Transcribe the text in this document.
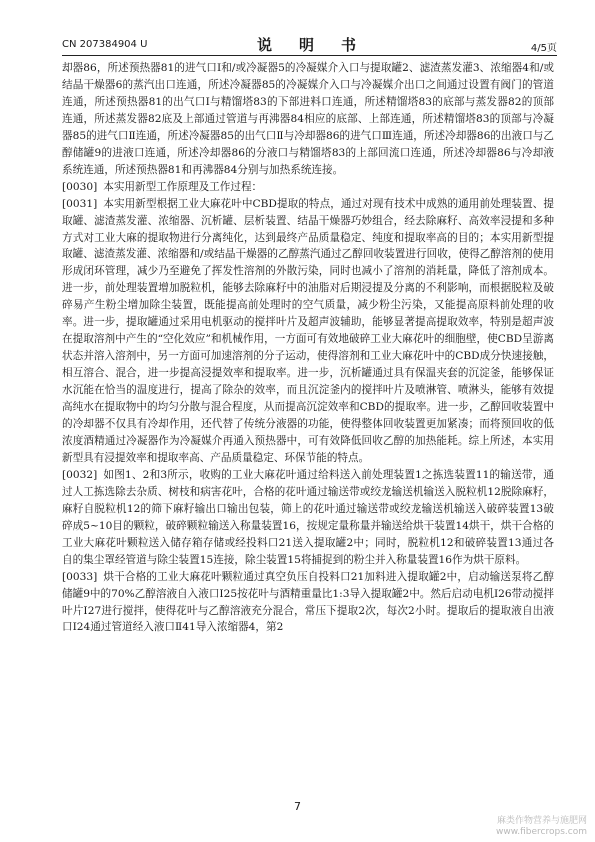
CN 207384904 U	说　明　书	4/5页

却器86，所述预热器81的进气口Ⅰ和/或冷凝器5的冷凝媒介入口与提取罐2、滤渣蒸发灌3、浓缩器4和/或结晶干燥器6的蒸汽出口连通，所述冷凝器85的冷凝媒介入口与冷凝媒介出口之间通过设置有阀门的管道连通，所述预热器81的出气口Ⅰ与精馏塔83的下部进料口连通，所述精馏塔83的底部与蒸发器82的顶部连通，所述蒸发器82底及上部通过管道与再沸器84相应的底部、上部连通，所述精馏塔83的顶部与冷凝器85的进气口Ⅱ连通，所述冷凝器85的出气口Ⅱ与冷却器86的进气口Ⅲ连通，所述冷却器86的出液口与乙醇储罐9的进液口连通，所述冷却器86的分液口与精馏塔83的上部回流口连通，所述冷却器86与冷却液系统连通，所述预热器81和再沸器84分别与加热系统连接。

[0030] 本实用新型工作原理及工作过程：

[0031] 本实用新型根据工业大麻花叶中CBD提取的特点，通过对现有技术中成熟的通用前处理装置、提取罐、滤渣蒸发灌、浓缩器、沉析罐、层析装置、结晶干燥器巧妙组合，经去除麻籽、高效率浸提和多种方式对工业大麻的提取物进行分离纯化，达到最终产品质量稳定、纯度和提取率高的目的；本实用新型提取罐、滤渣蒸发灌、浓缩器和/或结晶干燥器的乙醇蒸汽通过乙醇回收装置进行回收，使得乙醇溶剂的使用形成闭环管理，减少乃至避免了挥发性溶剂的外散污染，同时也减小了溶剂的消耗量，降低了溶剂成本。进一步，前处理装置增加脱粒机，能够去除麻籽中的油脂对后期浸提及分离的不利影响，而根据脱粒及破碎易产生粉尘增加除尘装置，既能提高前处理时的空气质量，减少粉尘污染，又能提高原料前处理的收率。进一步，提取罐通过采用电机驱动的搅拌叶片及超声波辅助，能够显著提高提取效率，特别是超声波在提取溶剂中产生的“空化效应”和机械作用，一方面可有效地破碎工业大麻花叶的细胞壁，使CBD呈游离状态并溶入溶剂中，另一方面可加速溶剂的分子运动，使得溶剂和工业大麻花叶中的CBD成分快速接触，相互溶合、混合，进一步提高浸提效率和提取率。进一步，沉析罐通过具有保温夹套的沉淀釜，能够保证水沉能在恰当的温度进行，提高了除杂的效率，而且沉淀釜内的搅拌叶片及喷淋管、喷淋头，能够有效提高纯水在提取物中的均匀分散与混合程度，从而提高沉淀效率和CBD的提取率。进一步，乙醇回收装置中的冷却器不仅具有冷却作用，还代替了传统分液器的功能，使得整体回收装置更加紧凑；而将预回收的低浓度酒精通过冷凝器作为冷凝媒介再通入预热器中，可有效降低回收乙醇的加热能耗。综上所述，本实用新型具有浸提效率和提取率高、产品质量稳定、环保节能的特点。

[0032] 如图1、2和3所示，收购的工业大麻花叶通过给料送入前处理装置1之拣选装置11的输送带，通过人工拣选除去杂质、树枝和病害花叶，合格的花叶通过输送带或绞龙输送机输送入脱粒机12脱除麻籽，麻籽自脱粒机12的筛下麻籽输出口输出包装，筛上的花叶通过输送带或绞龙输送机输送入破碎装置13破碎成5~10目的颗粒，破碎颗粒输送入称量装置16，按规定量称量并输送给烘干装置14烘干，烘干合格的工业大麻花叶颗粒送入储存箱存储或经投料口21送入提取罐2中；同时，脱粒机12和破碎装置13通过各自的集尘罩经管道与除尘装置15连接，除尘装置15将捕捉到的粉尘并入称量装置16作为烘干原料。

[0033] 烘干合格的工业大麻花叶颗粒通过真空负压自投料口21加料进入提取罐2中，启动输送泵将乙醇储罐9中的70%乙醇溶液自入液口Ⅰ25按花叶与酒精重量比1:3导入提取罐2中。然后启动电机Ⅰ26带动搅拌叶片Ⅰ27进行搅拌，使得花叶与乙醇溶液充分混合，常压下提取2次，每次2小时。提取后的提取液自出液口Ⅰ24通过管道经入液口Ⅱ41导入浓缩器4，第2

7
麻类作物营养与施肥网
www.fibercrops.com
